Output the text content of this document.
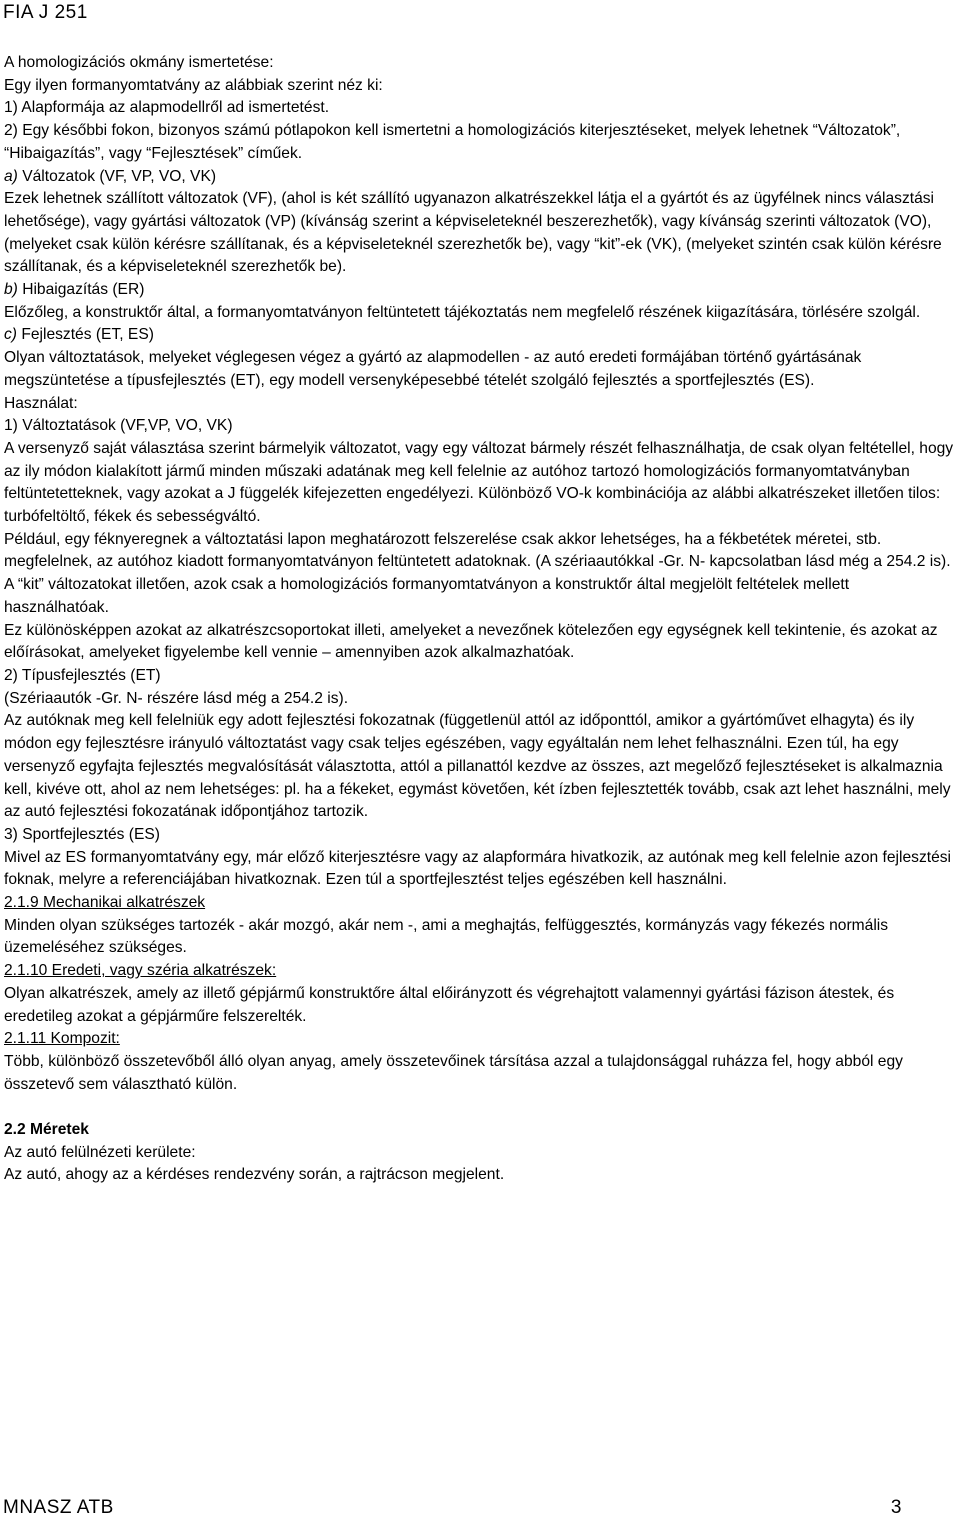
FIA J 251

A homologizációs okmány ismertetése:

Egy ilyen formanyomtatvány az alábbiak szerint néz ki:

1) Alapformája az alapmodellről ad ismertetést.

2) Egy későbbi fokon, bizonyos számú pótlapokon kell ismertetni a homologizációs kiterjesztéseket, melyek lehetnek “Változatok”, “Hibaigazítás”, vagy “Fejlesztések” címűek.

a) Változatok (VF, VP, VO, VK)

Ezek lehetnek szállított változatok (VF), (ahol is két szállító ugyanazon alkatrészekkel látja el a gyártót és az ügyfélnek nincs választási lehetősége), vagy gyártási változatok (VP) (kívánság szerint a képviseleteknél beszerezhetők), vagy kívánság szerinti változatok (VO), (melyeket csak külön kérésre szállítanak, és a képviseleteknél szerezhetők be), vagy “kit”-ek (VK), (melyeket szintén csak külön kérésre szállítanak, és a képviseleteknél szerezhetők be).

b) Hibaigazítás (ER)

Előzőleg, a konstruktőr által, a formanyomtatványon feltüntetett tájékoztatás nem megfelelő részének kiigazítására, törlésére szolgál.

c) Fejlesztés (ET, ES)

Olyan változtatások, melyeket véglegesen végez a gyártó az alapmodellen - az autó eredeti formájában történő gyártásának megszüntetése a típusfejlesztés (ET), egy modell versenyképesebbé tételét szolgáló fejlesztés a sportfejlesztés (ES).

Használat:

1) Változtatások (VF,VP, VO, VK)

A versenyző saját választása szerint bármelyik változatot, vagy egy változat bármely részét felhasználhatja, de csak olyan feltétellel, hogy az ily módon kialakított jármű minden műszaki adatának meg kell felelnie az autóhoz tartozó homologizációs formanyomtatványban feltüntetetteknek, vagy azokat a J függelék kifejezetten engedélyezi. Különböző VO-k kombinációja az alábbi alkatrészeket illetően tilos: turbófeltöltő, fékek és sebességváltó.

Például, egy féknyeregnek a változtatási lapon meghatározott felszerelése csak akkor lehetséges, ha a fékbetétek méretei, stb. megfelelnek, az autóhoz kiadott formanyomtatványon feltüntetett adatoknak. (A szériaautókkal -Gr. N- kapcsolatban lásd még a 254.2 is).

A “kit” változatokat illetően, azok csak a homologizációs formanyomtatványon a konstruktőr által megjelölt feltételek mellett használhatóak.

Ez különösképpen azokat az alkatrészcsoportokat illeti, amelyeket a nevezőnek kötelezően egy egységnek kell tekintenie, és azokat az előírásokat, amelyeket figyelembe kell vennie – amennyiben azok alkalmazhatóak.

2) Típusfejlesztés (ET)

(Szériaautók -Gr. N- részére lásd még a 254.2 is).

Az autóknak meg kell felelniük egy adott fejlesztési fokozatnak (függetlenül attól az időponttól, amikor a gyártóművet elhagyta) és ily módon egy fejlesztésre irányuló változtatást vagy csak teljes egészében, vagy egyáltalán nem lehet felhasználni. Ezen túl, ha egy versenyző egyfajta fejlesztés megvalósítását választotta, attól a pillanattól kezdve az összes, azt megelőző fejlesztéseket is alkalmaznia kell, kivéve ott, ahol az nem lehetséges: pl. ha a fékeket, egymást követően, két ízben fejlesztették tovább, csak azt lehet használni, mely az autó fejlesztési fokozatának időpontjához tartozik.

3) Sportfejlesztés (ES)

Mivel az ES formanyomtatvány egy, már előző kiterjesztésre vagy az alapformára hivatkozik, az autónak meg kell felelnie azon fejlesztési foknak, melyre a referenciájában hivatkoznak. Ezen túl a sportfejlesztést teljes egészében kell használni.

2.1.9 Mechanikai alkatrészek

Minden olyan szükséges tartozék - akár mozgó, akár nem -, ami a meghajtás, felfüggesztés, kormányzás vagy fékezés normális üzemeléséhez szükséges.

2.1.10 Eredeti, vagy széria alkatrészek:

Olyan alkatrészek, amely az illető gépjármű konstruktőre által előirányzott és végrehajtott valamennyi gyártási fázison átestek, és eredetileg azokat a gépjárműre felszerelték.

2.1.11 Kompozit:

Több, különböző összetevőből álló olyan anyag, amely összetevőinek társítása azzal a tulajdonsággal ruházza fel, hogy abból egy összetevő sem választható külön.

2.2 Méretek

Az autó felülnézeti kerülete:

Az autó, ahogy az a kérdéses rendezvény során, a rajtrácson megjelent.

MNASZ ATB	3
